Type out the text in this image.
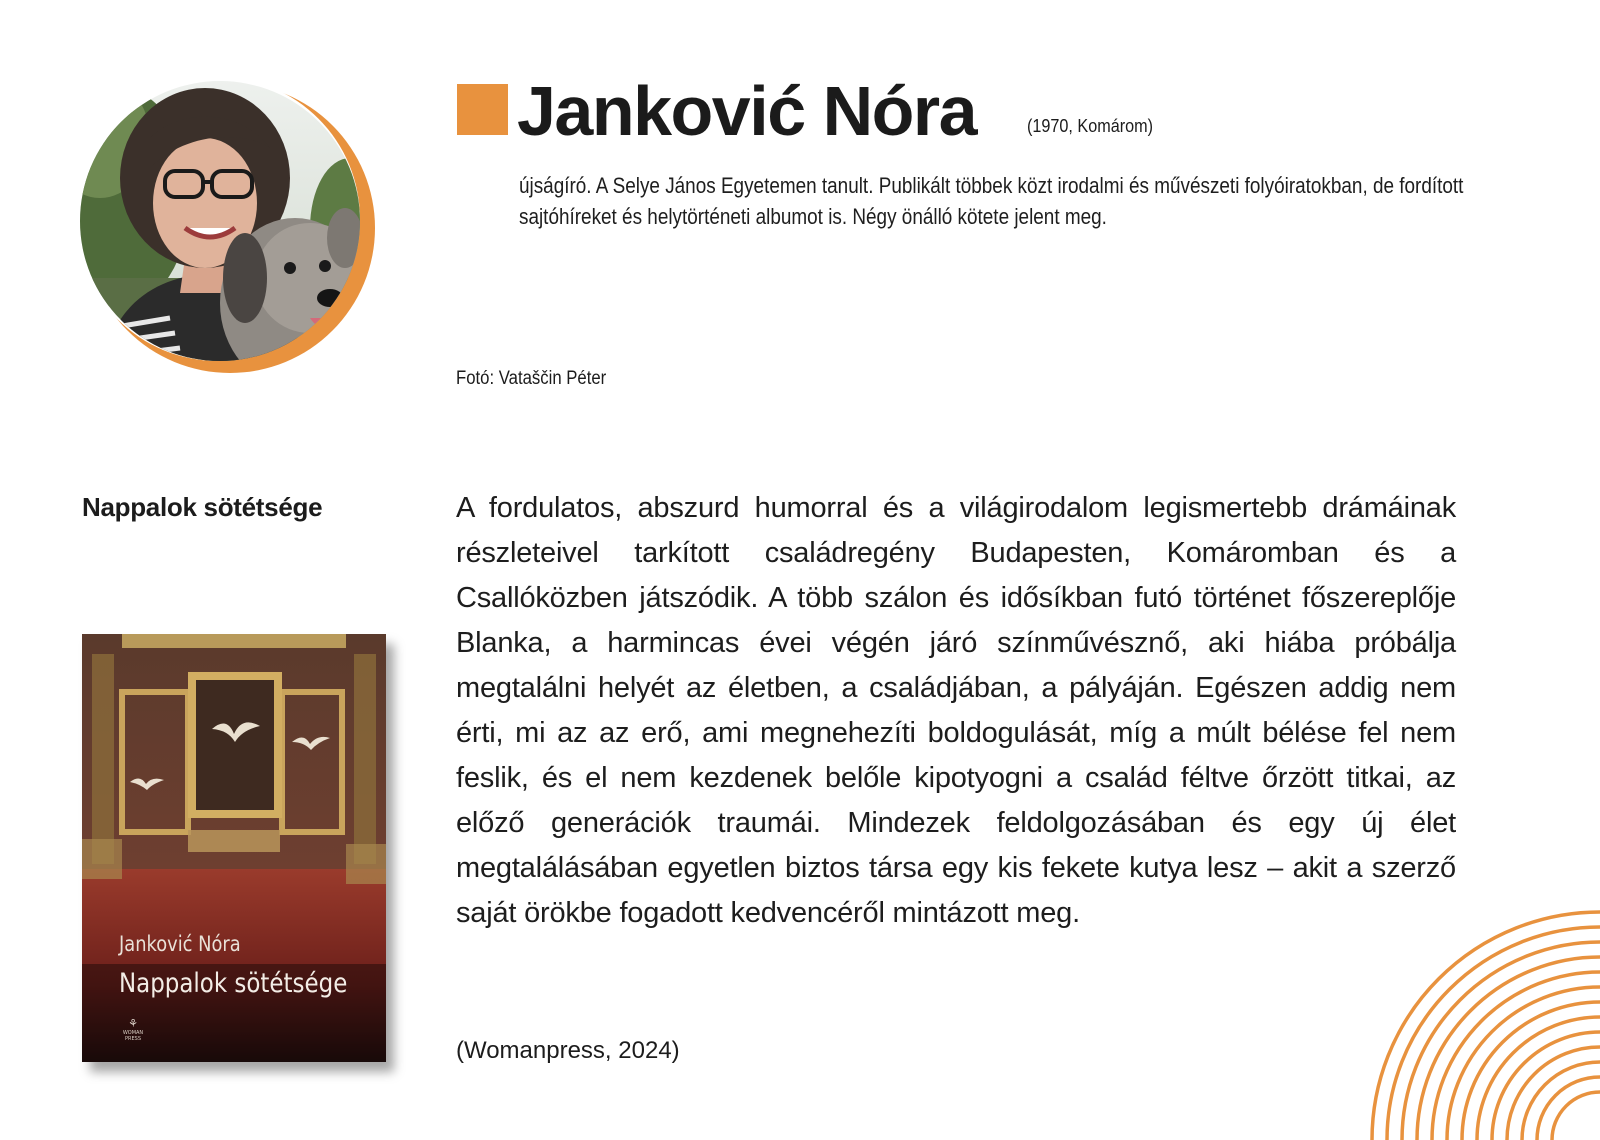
Janković Nóra	(1970, Komárom)

újságíró. A Selye János Egyetemen tanult. Publikált többek közt irodalmi és művészeti folyóiratokban, de fordított sajtóhíreket és helytörténeti albumot is. Négy önálló kötete jelent meg.

Fotó: Vataščin Péter

Nappalok sötétsége
Janković Nóra
Nappalok sötétsége
⚘
WOMAN PRESS

A fordulatos, abszurd humorral és a világirodalom legismertebb drámáinak részleteivel tarkított családregény Budapesten, Komáromban és a Csallóközben játszódik. A több szálon és idősíkban futó történet főszereplője Blanka, a harmincas évei végén járó színművésznő, aki hiába próbálja megtalálni helyét az életben, a családjában, a pályáján. Egészen addig nem érti, mi az az erő, ami megnehezíti boldogulását, míg a múlt bélése fel nem feslik, és el nem kezdenek belőle kipotyogni a család féltve őrzött titkai, az előző generációk traumái. Mindezek feldolgozásában és egy új élet megtalálásában egyetlen biztos társa egy kis fekete kutya lesz – akit a szerző saját örökbe fogadott kedvencéről mintázott meg.

(Womanpress, 2024)
